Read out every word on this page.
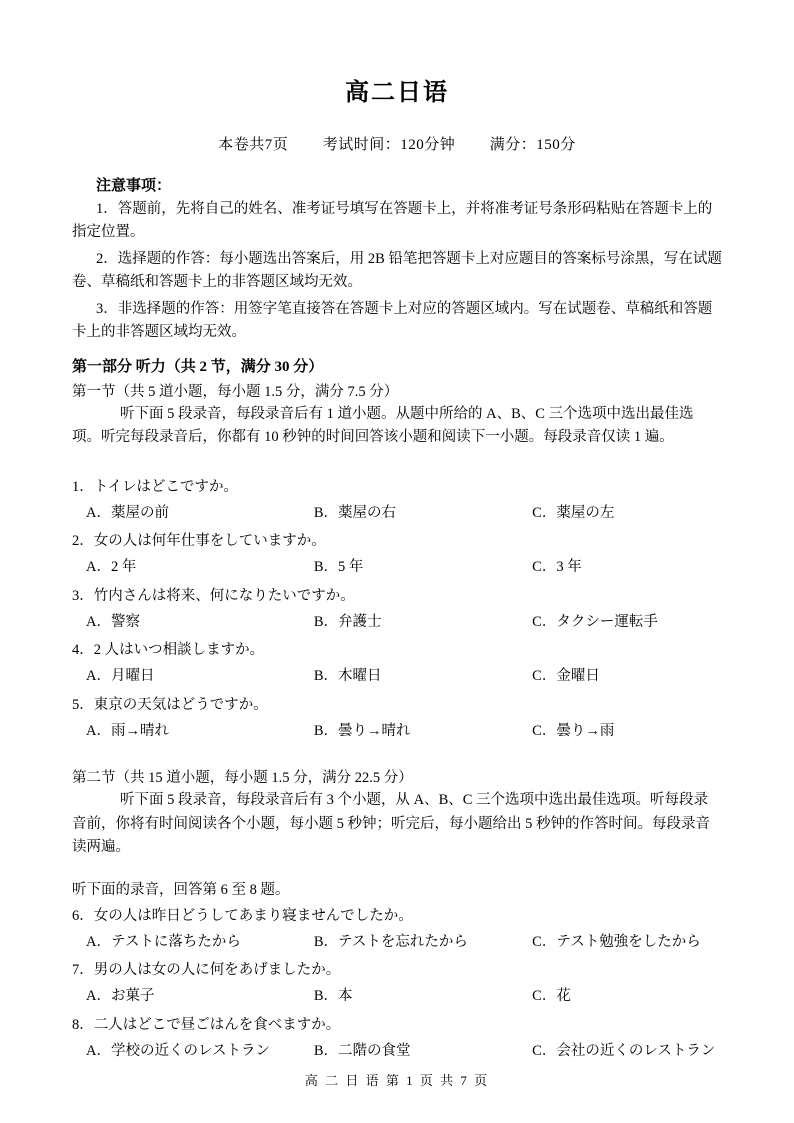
高二日语
本卷共7页 考试时间：120分钟 满分：150分
注意事项：
1．答题前，先将自己的姓名、准考证号填写在答题卡上，并将准考证号条形码粘贴在答题卡上的指定位置。
2．选择题的作答：每小题选出答案后，用 2B 铅笔把答题卡上对应题目的答案标号涂黑，写在试题卷、草稿纸和答题卡上的非答题区域均无效。
3．非选择题的作答：用签字笔直接答在答题卡上对应的答题区域内。写在试题卷、草稿纸和答题卡上的非答题区域均无效。
第一部分 听力（共 2 节，满分 30 分）
第一节（共 5 道小题，每小题 1.5 分，满分 7.5 分）
听下面 5 段录音，每段录音后有 1 道小题。从题中所给的 A、B、C 三个选项中选出最佳选项。听完每段录音后，你都有 10 秒钟的时间回答该小题和阅读下一小题。每段录音仅读 1 遍。
1．トイレはどこですか。
A．薬屋の前	B．薬屋の右	C．薬屋の左
2．女の人は何年仕事をしていますか。
A．2 年	B．5 年	C．3 年
3．竹内さんは将来、何になりたいですか。
A．警察	B．弁護士	C．タクシー運転手
4．2 人はいつ相談しますか。
A．月曜日	B．木曜日	C．金曜日
5．東京の天気はどうですか。
A．雨→晴れ	B．曇り→晴れ	C．曇り→雨
第二节（共 15 道小题，每小题 1.5 分，满分 22.5 分）
听下面 5 段录音，每段录音后有 3 个小题，从 A、B、C 三个选项中选出最佳选项。听每段录音前，你将有时间阅读各个小题，每小题 5 秒钟；听完后，每小题给出 5 秒钟的作答时间。每段录音读两遍。
听下面的录音，回答第 6 至 8 题。
6．女の人は昨日どうしてあまり寝ませんでしたか。
A．テストに落ちたから	B．テストを忘れたから	C．テスト勉強をしたから
7．男の人は女の人に何をあげましたか。
A．お菓子	B．本	C．花
8．二人はどこで昼ごはんを食べますか。
A．学校の近くのレストラン	B．二階の食堂	C．会社の近くのレストラン
高 二 日 语 第 1 页 共 7 页
